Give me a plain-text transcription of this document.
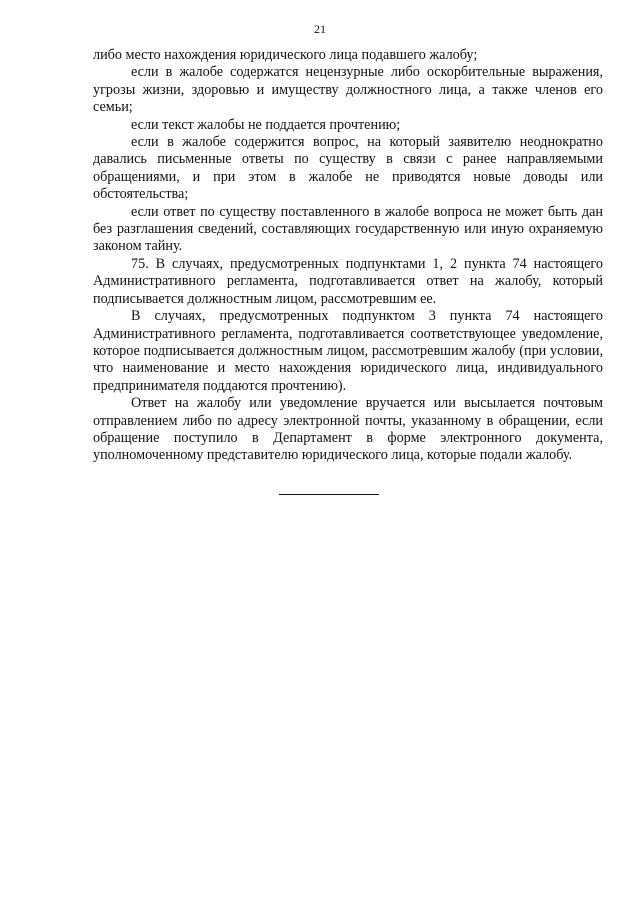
21

либо место нахождения юридического лица подавшего жалобу;

если в жалобе содержатся нецензурные либо оскорбительные выражения, угрозы жизни, здоровью и имуществу должностного лица, а также членов его семьи;

если текст жалобы не поддается прочтению;

если в жалобе содержится вопрос, на который заявителю неоднократно давались письменные ответы по существу в связи с ранее направляемыми обращениями, и при этом в жалобе не приводятся новые доводы или обстоятельства;

если ответ по существу поставленного в жалобе вопроса не может быть дан без разглашения сведений, составляющих государственную или иную охраняемую законом тайну.

75. В случаях, предусмотренных подпунктами 1, 2 пункта 74 настоящего Административного регламента, подготавливается ответ на жалобу, который подписывается должностным лицом, рассмотревшим ее.

В случаях, предусмотренных подпунктом 3 пункта 74 настоящего Административного регламента, подготавливается соответствующее уведомление, которое подписывается должностным лицом, рассмотревшим жалобу (при условии, что наименование и место нахождения юридического лица, индивидуального предпринимателя поддаются прочтению).

Ответ на жалобу или уведомление вручается или высылается почтовым отправлением либо по адресу электронной почты, указанному в обращении, если обращение поступило в Департамент в форме электронного документа, уполномоченному представителю юридического лица, которые подали жалобу.
